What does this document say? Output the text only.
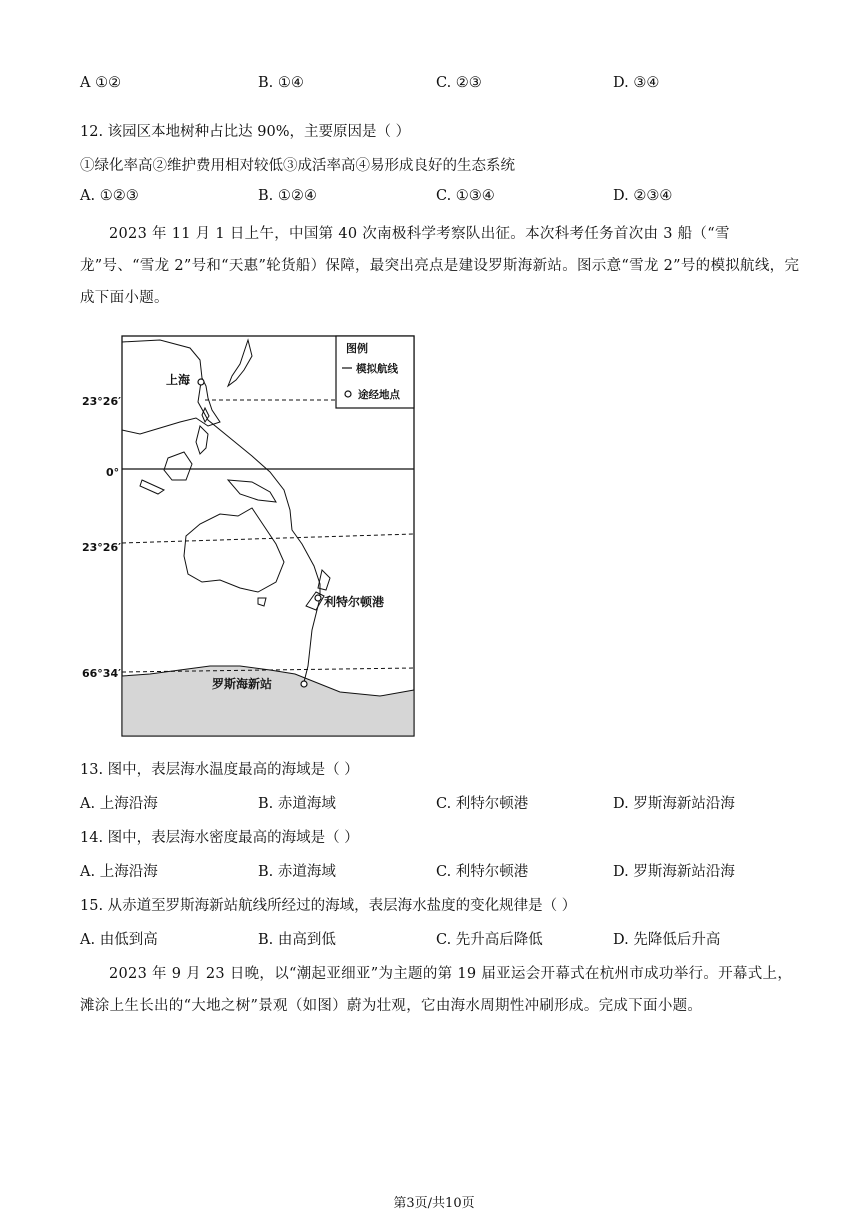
A ①②	B. ①④	C. ②③	D. ③④
12. 该园区本地树种占比达 90%，主要原因是（ ）
①绿化率高②维护费用相对较低③成活率高④易形成良好的生态系统
A. ①②③	B. ①②④	C. ①③④	D. ②③④
2023 年 11 月 1 日上午，中国第 40 次南极科学考察队出征。本次科考任务首次由 3 船（“雪龙”号、“雪龙 2”号和“天惠”轮货船）保障，最突出亮点是建设罗斯海新站。图示意“雪龙 2”号的模拟航线，完成下面小题。
23°26′
0°
23°26′
66°34′
上海
利特尔顿港
罗斯海新站
图例
模拟航线
途经地点
13. 图中，表层海水温度最高的海域是（ ）
A. 上海沿海	B. 赤道海域	C. 利特尔顿港	D. 罗斯海新站沿海
14. 图中，表层海水密度最高的海域是（ ）
A. 上海沿海	B. 赤道海域	C. 利特尔顿港	D. 罗斯海新站沿海
15. 从赤道至罗斯海新站航线所经过的海域，表层海水盐度的变化规律是（ ）
A. 由低到高	B. 由高到低	C. 先升高后降低	D. 先降低后升高
2023 年 9 月 23 日晚，以“潮起亚细亚”为主题的第 19 届亚运会开幕式在杭州市成功举行。开幕式上，滩涂上生长出的“大地之树”景观（如图）蔚为壮观，它由海水周期性冲刷形成。完成下面小题。
第3页/共10页
